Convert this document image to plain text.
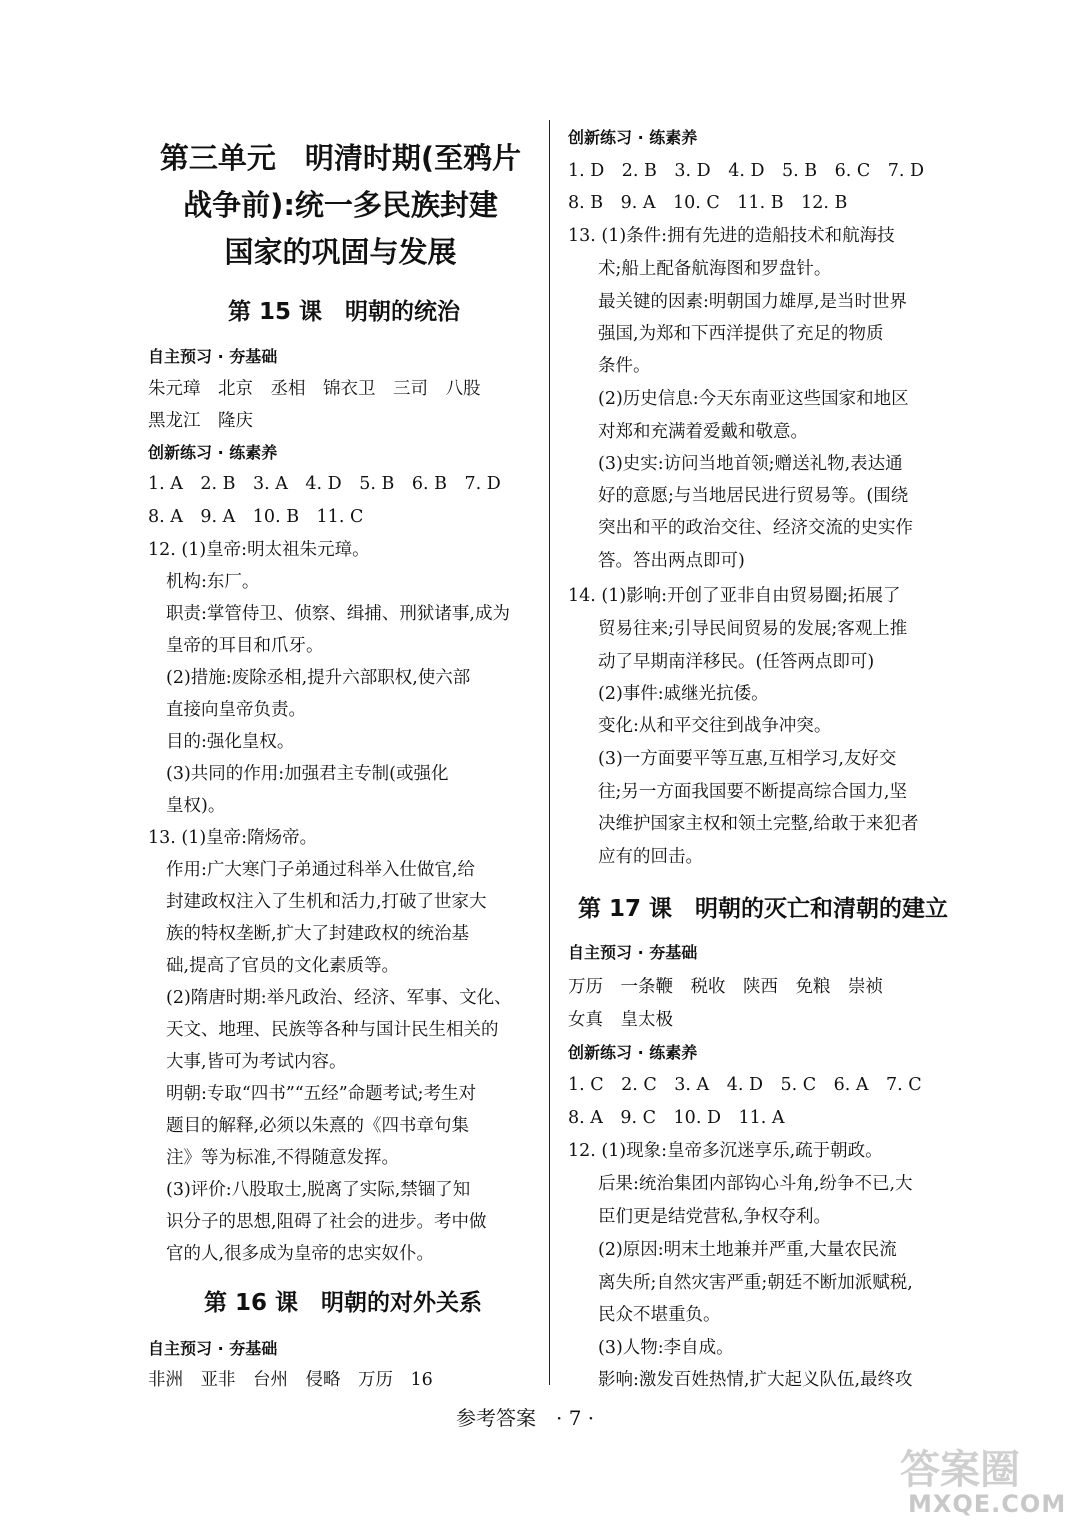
第三单元　明清时期(至鸦片
战争前):统一多民族封建
国家的巩固与发展
第 15 课　明朝的统治
自主预习 · 夯基础
朱元璋　北京　丞相　锦衣卫　三司　八股
黑龙江　隆庆
创新练习 · 练素养
1. A　2. B　3. A　4. D　5. B　6. B　7. D
8. A　9. A　10. B　11. C
12. (1)皇帝:明太祖朱元璋。
机构:东厂。
职责:掌管侍卫、侦察、缉捕、刑狱诸事,成为
皇帝的耳目和爪牙。
(2)措施:废除丞相,提升六部职权,使六部
直接向皇帝负责。
目的:强化皇权。
(3)共同的作用:加强君主专制(或强化
皇权)。
13. (1)皇帝:隋炀帝。
作用:广大寒门子弟通过科举入仕做官,给
封建政权注入了生机和活力,打破了世家大
族的特权垄断,扩大了封建政权的统治基
础,提高了官员的文化素质等。
(2)隋唐时期:举凡政治、经济、军事、文化、
天文、地理、民族等各种与国计民生相关的
大事,皆可为考试内容。
明朝:专取“四书”“五经”命题考试;考生对
题目的解释,必须以朱熹的《四书章句集
注》等为标准,不得随意发挥。
(3)评价:八股取士,脱离了实际,禁锢了知
识分子的思想,阻碍了社会的进步。考中做
官的人,很多成为皇帝的忠实奴仆。
第 16 课　明朝的对外关系
自主预习 · 夯基础
非洲　亚非　台州　侵略　万历　16
创新练习 · 练素养
1. D　2. B　3. D　4. D　5. B　6. C　7. D
8. B　9. A　10. C　11. B　12. B
13. (1)条件:拥有先进的造船技术和航海技
术;船上配备航海图和罗盘针。
最关键的因素:明朝国力雄厚,是当时世界
强国,为郑和下西洋提供了充足的物质
条件。
(2)历史信息:今天东南亚这些国家和地区
对郑和充满着爱戴和敬意。
(3)史实:访问当地首领;赠送礼物,表达通
好的意愿;与当地居民进行贸易等。(围绕
突出和平的政治交往、经济交流的史实作
答。答出两点即可)
14. (1)影响:开创了亚非自由贸易圈;拓展了
贸易往来;引导民间贸易的发展;客观上推
动了早期南洋移民。(任答两点即可)
(2)事件:戚继光抗倭。
变化:从和平交往到战争冲突。
(3)一方面要平等互惠,互相学习,友好交
往;另一方面我国要不断提高综合国力,坚
决维护国家主权和领土完整,给敢于来犯者
应有的回击。
第 17 课　明朝的灭亡和清朝的建立
自主预习 · 夯基础
万历　一条鞭　税收　陕西　免粮　崇祯
女真　皇太极
创新练习 · 练素养
1. C　2. C　3. A　4. D　5. C　6. A　7. C
8. A　9. C　10. D　11. A
12. (1)现象:皇帝多沉迷享乐,疏于朝政。
后果:统治集团内部钩心斗角,纷争不已,大
臣们更是结党营私,争权夺利。
(2)原因:明末土地兼并严重,大量农民流
离失所;自然灾害严重;朝廷不断加派赋税,
民众不堪重负。
(3)人物:李自成。
影响:激发百姓热情,扩大起义队伍,最终攻
参考答案　· 7 ·
答案圈
MXQE.COM
